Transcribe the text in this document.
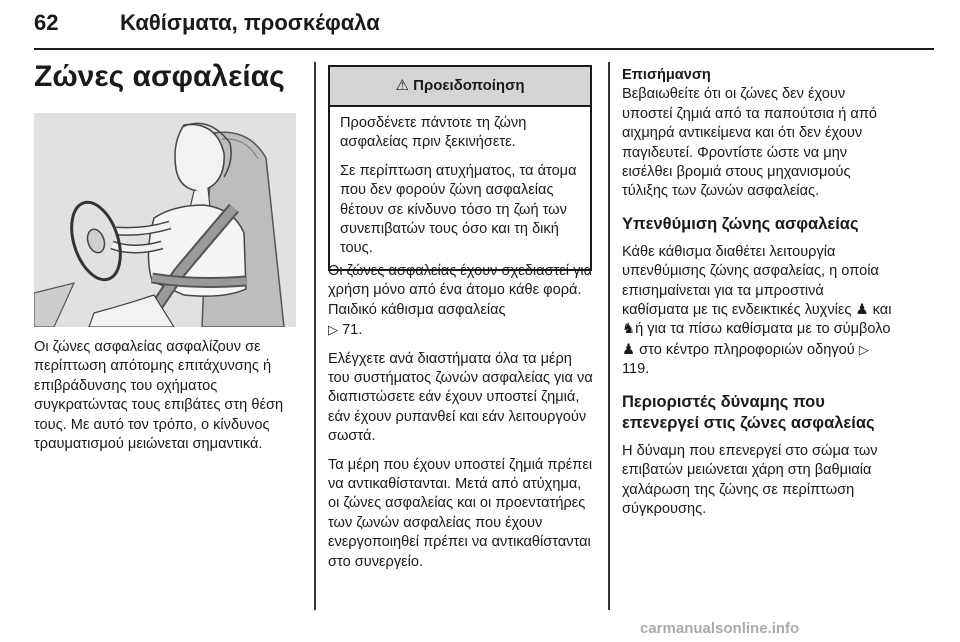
62	Καθίσματα, προσκέφαλα
Ζώνες ασφαλείας

Οι ζώνες ασφαλείας ασφαλίζουν σε περίπτωση απότομης επιτάχυνσης ή επιβράδυνσης του οχήματος συγκρατώντας τους επιβάτες στη θέση τους. Με αυτό τον τρόπο, ο κίνδυνος τραυματισμού μειώνεται σημαντικά.

⚠ Προειδοποίηση

Προσδένετε πάντοτε τη ζώνη ασφαλείας πριν ξεκινήσετε.

Σε περίπτωση ατυχήματος, τα άτομα που δεν φορούν ζώνη ασφαλείας θέτουν σε κίνδυνο τόσο τη ζωή των συνεπιβατών τους όσο και τη δική τους.

Οι ζώνες ασφαλείας έχουν σχεδιαστεί για χρήση μόνο από ένα άτομο κάθε φορά. Παιδικό κάθισμα ασφαλείας
▷ 71.

Ελέγχετε ανά διαστήματα όλα τα μέρη του συστήματος ζωνών ασφαλείας για να διαπιστώσετε εάν έχουν υποστεί ζημιά, εάν έχουν ρυπανθεί και εάν λειτουργούν σωστά.

Τα μέρη που έχουν υποστεί ζημιά πρέπει να αντικαθίστανται. Μετά από ατύχημα, οι ζώνες ασφαλείας και οι προεντατήρες των ζωνών ασφαλείας που έχουν ενεργοποιηθεί πρέπει να αντικαθίστανται στο συνεργείο.

Επισήμανση

Βεβαιωθείτε ότι οι ζώνες δεν έχουν υποστεί ζημιά από τα παπούτσια ή από αιχμηρά αντικείμενα και ότι δεν έχουν παγιδευτεί. Φροντίστε ώστε να μην εισέλθει βρομιά στους μηχανισμούς τύλιξης των ζωνών ασφαλείας.

Υπενθύμιση ζώνης ασφαλείας

Κάθε κάθισμα διαθέτει λειτουργία υπενθύμισης ζώνης ασφαλείας, η οποία επισημαίνεται για τα μπροστινά καθίσματα με τις ενδεικτικές λυχνίες ♟ και ♞ή για τα πίσω καθίσματα με το σύμβολο ♟ στο κέντρο πληροφοριών οδηγού ▷ 119.

Περιοριστές δύναμης που επενεργεί στις ζώνες ασφαλείας

Η δύναμη που επενεργεί στο σώμα των επιβατών μειώνεται χάρη στη βαθμιαία χαλάρωση της ζώνης σε περίπτωση σύγκρουσης.

carmanualsonline.info
